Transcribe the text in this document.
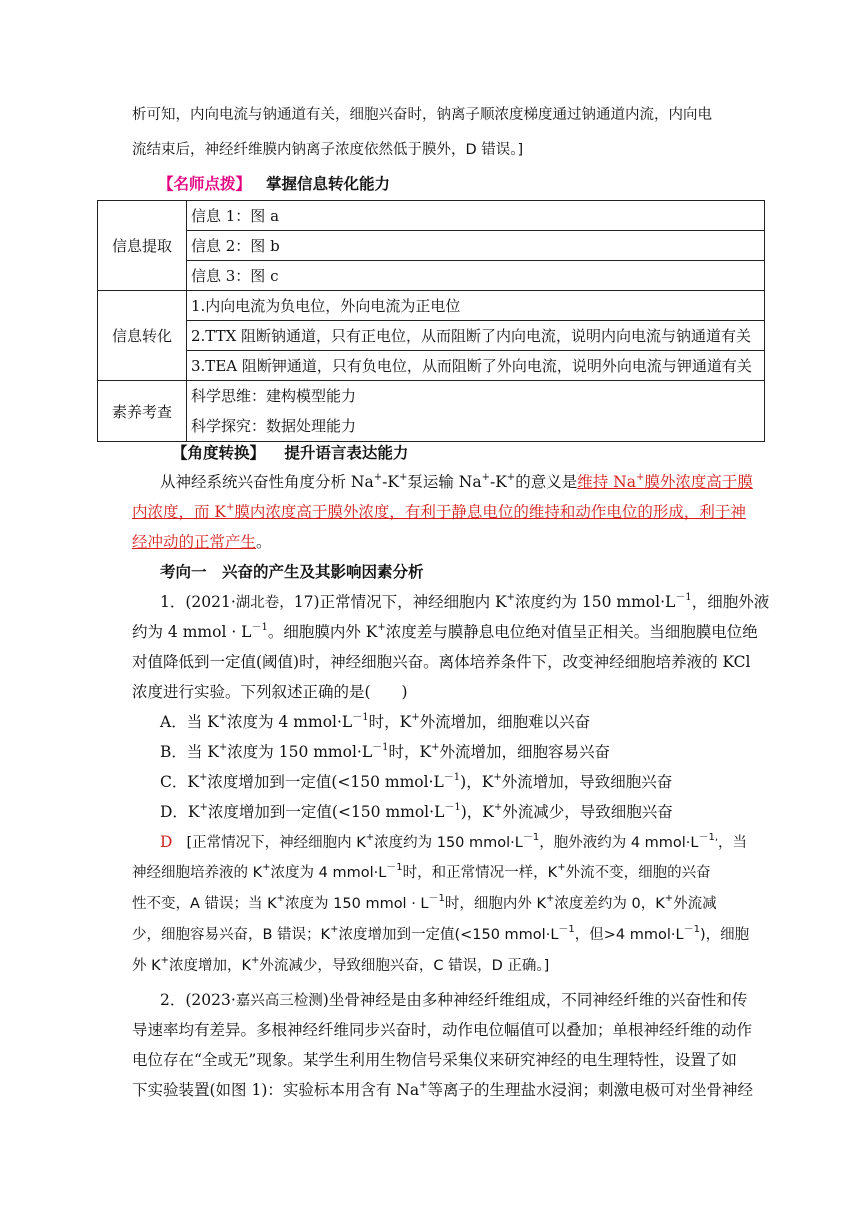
析可知，内向电流与钠通道有关，细胞兴奋时，钠离子顺浓度梯度通过钠通道内流，内向电
流结束后，神经纤维膜内钠离子浓度依然低于膜外，D 错误。]
【名师点拨】 掌握信息转化能力
信息提取	信息 1：图 a
	信息 2：图 b
	信息 3：图 c
信息转化	1.内向电流为负电位，外向电流为正电位
	2.TTX 阻断钠通道，只有正电位，从而阻断了内向电流，说明内向电流与钠通道有关
	3.TEA 阻断钾通道，只有负电位，从而阻断了外向电流，说明外向电流与钾通道有关
素养考查	科学思维：建构模型能力
科学探究：数据处理能力
【角度转换】 提升语言表达能力
从神经系统兴奋性角度分析 Na+-K+泵运输 Na+-K+的意义是维持 Na+膜外浓度高于膜
内浓度，而 K+膜内浓度高于膜外浓度，有利于静息电位的维持和动作电位的形成，利于神
经冲动的正常产生。
考向一　兴奋的产生及其影响因素分析
1．(2021·湖北卷，17)正常情况下，神经细胞内 K+浓度约为 150 $mmol\cdot L^{-1}$，细胞外液
约为 4 mmol · $L^{-1}$。细胞膜内外 K+浓度差与膜静息电位绝对值呈正相关。当细胞膜电位绝
对值降低到一定值(阈值)时，神经细胞兴奋。离体培养条件下，改变神经细胞培养液的 KCl
浓度进行实验。下列叙述正确的是(　　)
A．当 K+浓度为 4 $mmol\cdot L^{-1}$时，K+外流增加，细胞难以兴奋
B．当 K+浓度为 150 $mmol\cdot L^{-1}$时，K+外流增加，细胞容易兴奋
C．K+浓度增加到一定值(<150 $mmol\cdot L^{-1}$)，K+外流增加，导致细胞兴奋
D．K+浓度增加到一定值(<150 $mmol\cdot L^{-1}$)，K+外流减少，导致细胞兴奋
D [正常情况下，神经细胞内 K+浓度约为 150 $mmol\cdot L^{-1}$，胞外液约为 4 $mmol\cdot L^{-1,}$，当
神经细胞培养液的 K+浓度为 4 $mmol\cdot L^{-1}$时，和正常情况一样，K+外流不变，细胞的兴奋
性不变，A 错误；当 K+浓度为 150 mmol · $L^{-1}$时，细胞内外 K+浓度差约为 0，K+外流减
少，细胞容易兴奋，B 错误；K+浓度增加到一定值(<150 $mmol\cdot L^{-1}$，但>4 $mmol\cdot L^{-1}$)，细胞
外 K+浓度增加，K+外流减少，导致细胞兴奋，C 错误，D 正确。]
2．(2023·嘉兴高三检测)坐骨神经是由多种神经纤维组成，不同神经纤维的兴奋性和传
导速率均有差异。多根神经纤维同步兴奋时，动作电位幅值可以叠加；单根神经纤维的动作
电位存在“全或无”现象。某学生利用生物信号采集仪来研究神经的电生理特性，设置了如
下实验装置(如图 1)：实验标本用含有 Na+等离子的生理盐水浸润；刺激电极可对坐骨神经
